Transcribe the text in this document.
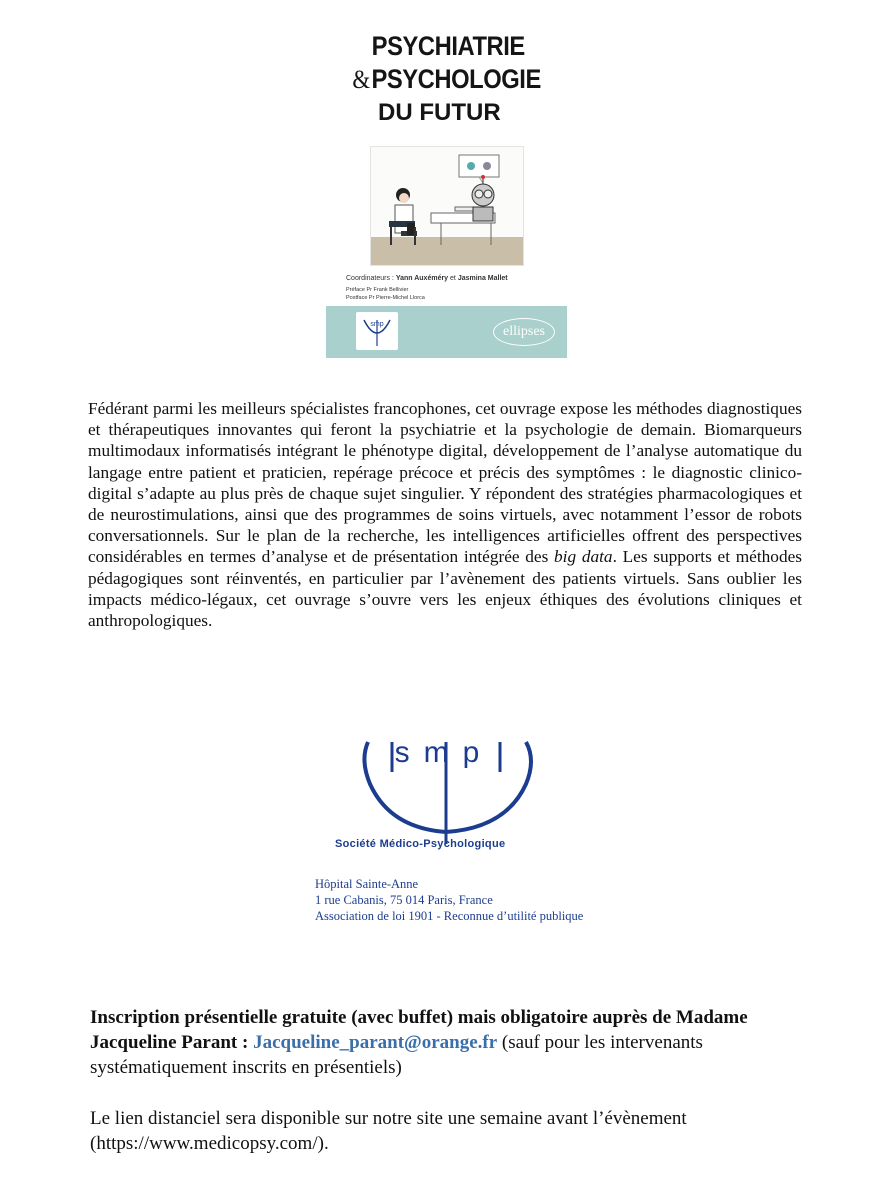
PSYCHIATRIE
&PSYCHOLOGIE
DU FUTUR
Coordinateurs : Yann Auxéméry et Jasmina Mallet
Préface Pr Frank Bellivier
Postface Pr Pierre-Michel Llorca
smp	ellipses
Fédérant parmi les meilleurs spécialistes francophones, cet ouvrage expose les méthodes diagnostiques et thérapeutiques innovantes qui feront la psychiatrie et la psychologie de demain. Biomarqueurs multimodaux informatisés intégrant le phénotype digital, développement de l’analyse automatique du langage entre patient et praticien, repérage précoce et précis des symptômes : le diagnostic clinico-digital s’adapte au plus près de chaque sujet singulier. Y répondent des stratégies pharmacologiques et de neurostimulations, ainsi que des programmes de soins virtuels, avec notamment l’essor de robots conversationnels. Sur le plan de la recherche, les intelligences artificielles offrent des perspectives considérables en termes d’analyse et de présentation intégrée des big data. Les supports et méthodes pédagogiques sont réinventés, en particulier par l’avènement des patients virtuels. Sans oublier les impacts médico-légaux, cet ouvrage s’ouvre vers les enjeux éthiques des évolutions cliniques et anthropologiques.
smp
Société Médico-Psychologique
Hôpital Sainte-Anne
1 rue Cabanis, 75 014 Paris, France
Association de loi 1901 - Reconnue d’utilité publique
Inscription présentielle gratuite (avec buffet) mais obligatoire auprès de Madame Jacqueline Parant : Jacqueline_parant@orange.fr (sauf pour les intervenants systématiquement inscrits en présentiels)
Le lien distanciel sera disponible sur notre site une semaine avant l’évènement (https://www.medicopsy.com/).
